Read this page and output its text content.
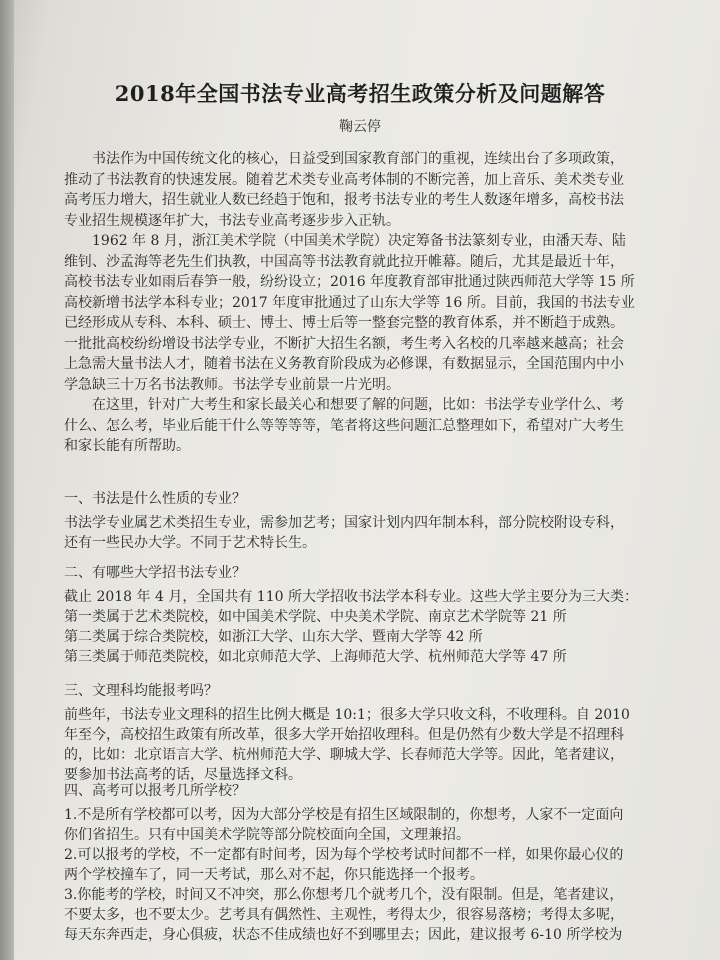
2018年全国书法专业高考招生政策分析及问题解答
鞠云停
书法作为中国传统文化的核心，日益受到国家教育部门的重视，连续出台了多项政策，
推动了书法教育的快速发展。随着艺术类专业高考体制的不断完善，加上音乐、美术类专业
高考压力增大，招生就业人数已经趋于饱和，报考书法专业的考生人数逐年增多，高校书法
专业招生规模逐年扩大，书法专业高考逐步步入正轨。
1962 年 8 月，浙江美术学院（中国美术学院）决定筹备书法篆刻专业，由潘天寿、陆
维钊、沙孟海等老先生们执教，中国高等书法教育就此拉开帷幕。随后，尤其是最近十年，
高校书法专业如雨后春笋一般，纷纷设立；2016 年度教育部审批通过陕西师范大学等 15 所
高校新增书法学本科专业；2017 年度审批通过了山东大学等 16 所。目前，我国的书法专业
已经形成从专科、本科、硕士、博士、博士后等一整套完整的教育体系，并不断趋于成熟。
一批批高校纷纷增设书法学专业，不断扩大招生名额，考生考入名校的几率越来越高；社会
上急需大量书法人才，随着书法在义务教育阶段成为必修课，有数据显示，全国范围内中小
学急缺三十万名书法教师。书法学专业前景一片光明。
在这里，针对广大考生和家长最关心和想要了解的问题，比如：书法学专业学什么、考
什么、怎么考，毕业后能干什么等等等等，笔者将这些问题汇总整理如下，希望对广大考生
和家长能有所帮助。
一、书法是什么性质的专业？
书法学专业属艺术类招生专业，需参加艺考；国家计划内四年制本科，部分院校附设专科，
还有一些民办大学。不同于艺术特长生。
二、有哪些大学招书法专业？
截止 2018 年 4 月，全国共有 110 所大学招收书法学本科专业。这些大学主要分为三大类：
第一类属于艺术类院校，如中国美术学院、中央美术学院、南京艺术学院等 21 所
第二类属于综合类院校，如浙江大学、山东大学、暨南大学等 42 所
第三类属于师范类院校，如北京师范大学、上海师范大学、杭州师范大学等 47 所
三、文理科均能报考吗？
前些年，书法专业文理科的招生比例大概是 10:1；很多大学只收文科，不收理科。自 2010
年至今，高校招生政策有所改革，很多大学开始招收理科。但是仍然有少数大学是不招理科
的，比如：北京语言大学、杭州师范大学、聊城大学、长春师范大学等。因此，笔者建议，
要参加书法高考的话，尽量选择文科。
四、高考可以报考几所学校？
1.不是所有学校都可以考，因为大部分学校是有招生区域限制的，你想考，人家不一定面向
你们省招生。只有中国美术学院等部分院校面向全国，文理兼招。
2.可以报考的学校，不一定都有时间考，因为每个学校考试时间都不一样，如果你最心仪的
两个学校撞车了，同一天考试，那么对不起，你只能选择一个报考。
3.你能考的学校，时间又不冲突，那么你想考几个就考几个，没有限制。但是，笔者建议，
不要太多，也不要太少。艺考具有偶然性、主观性，考得太少，很容易落榜；考得太多呢，
每天东奔西走，身心俱疲，状态不佳成绩也好不到哪里去；因此，建议报考 6-10 所学校为
